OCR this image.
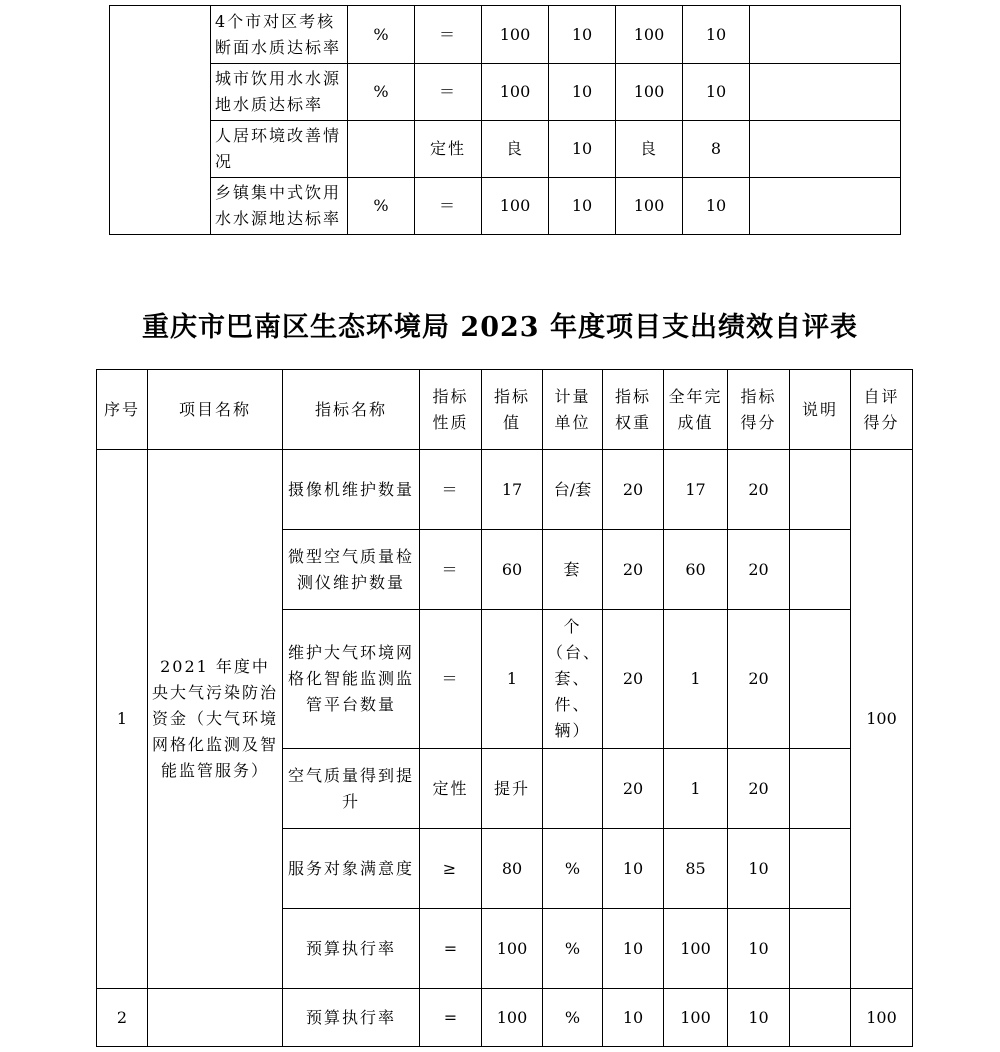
	4个市对区考核断面水质达标率	%	＝	100	10	100	10	
	城市饮用水水源地水质达标率	%	＝	100	10	100	10	
	人居环境改善情况		定性	良	10	良	8	
	乡镇集中式饮用水水源地达标率	%	＝	100	10	100	10	
重庆市巴南区生态环境局 2023 年度项目支出绩效自评表
序号	项目名称	指标名称	指标性质	指标值	计量单位	指标权重	全年完成值	指标得分	说明	自评得分
1	2021 年度中央大气污染防治资金（大气环境网格化监测及智能监管服务）	摄像机维护数量	＝	17	台/套	20	17	20		100
		微型空气质量检测仪维护数量	＝	60	套	20	60	20		
		维护大气环境网格化智能监测监管平台数量	＝	1	个（台、套、件、辆）	20	1	20		
		空气质量得到提升	定性	提升		20	1	20		
		服务对象满意度	≥	80	%	10	85	10		
		预算执行率	=	100	%	10	100	10		
2		预算执行率	=	100	%	10	100	10		100
